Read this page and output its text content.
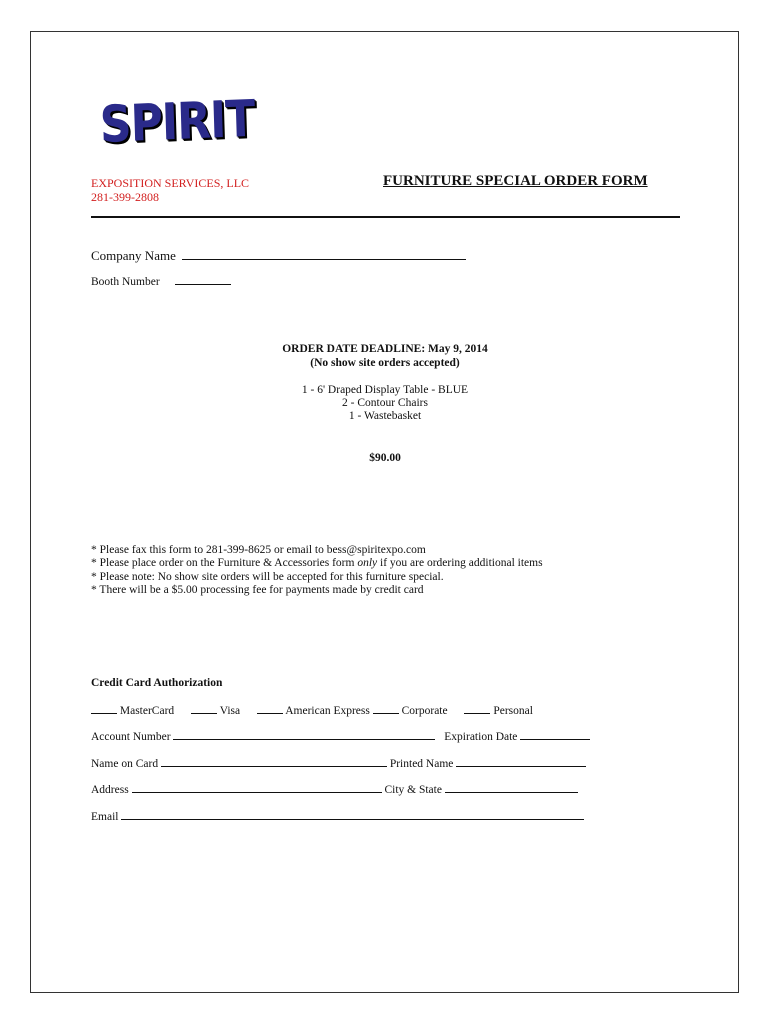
SPIRIT
EXPOSITION SERVICES, LLC
281-399-2808
FURNITURE SPECIAL ORDER FORM
Company Name
Booth Number
ORDER DATE DEADLINE: May 9, 2014
(No show site orders accepted)
1 - 6' Draped Display Table - BLUE
2 - Contour Chairs
1 - Wastebasket
$90.00
* Please fax this form to 281-399-8625 or email to bess@spiritexpo.com
* Please place order on the Furniture & Accessories form only if you are ordering additional items
* Please note: No show site orders will be accepted for this furniture special.
* There will be a $5.00 processing fee for payments made by credit card
Credit Card Authorization
MasterCard	Visa	American Express	Corporate	Personal
Account Number	Expiration Date
Name on Card	Printed Name
Address	City & State
Email
